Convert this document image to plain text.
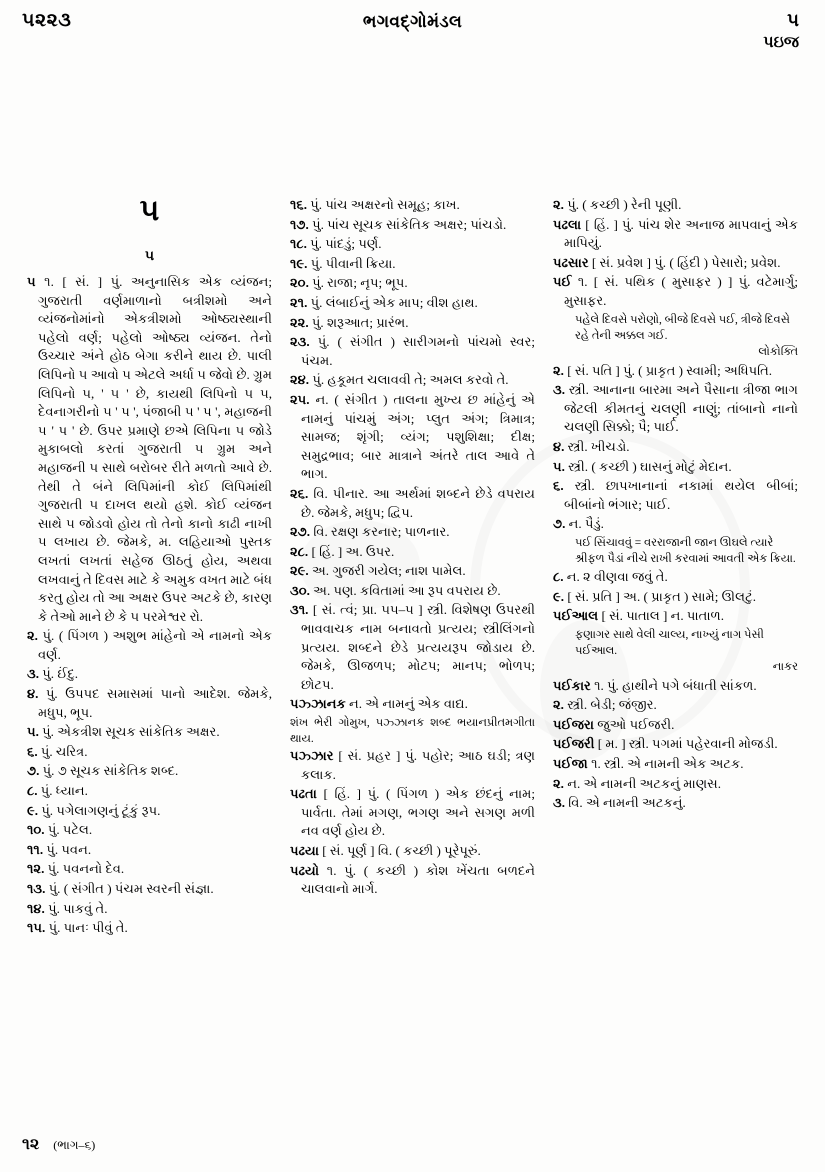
૫૨૨૩	ભગવદ્ગોમંડલ	૫
પઇજ
૫
૫
૫ ૧. [ સં. ] પું. અનુનાસિક એક વ્યંજન; ગુજરાતી વર્ણમાળાનો બત્રીશમો અને વ્યંજનોમાંનો એકત્રીશમો ઓષ્ઠ્યસ્થાની પહેલો વર્ણ; પહેલો ઓષ્ઠ્ય વ્યંજન. તેનો ઉચ્ચાર અંને હોઠ બેગા કરીને થાય છે. પાલી લિપિનો ૫ આવો ૫ એટલે અર્ધા ૫ જેવો છે. ગ્રુમ લિપિનો ૫, ' ૫ ' છે, કાયથી લિપિનો ૫ ૫, દેવનાગરીનો ૫ ' પ ', પંજાબી ૫ ' પ ', મહાજની ૫ ' પ ' છે. ઉપર પ્રમાણે છએ લિપિના ૫ જોડે મુકાબલો કરતાં ગુજરાતી ૫ ગ્રુમ અને મહાજની ૫ સાથે બરોબર રીતે મળતો આવે છે. તેથી તે બંને લિપિમાંની કોઈ લિપિમાંથી ગુજરાતી ૫ દાખલ થયો હશે. કોઈ વ્યંજન સાથે ૫ જોડવો હોય તો તેનો કાનો કાઢી નાખી ૫ લખાય છે. જેમકે, મ. લહિયાઓ પુસ્તક લખતાં લખતાં સહેજ ઊઠતું હોય, અથવા લખવાનું તે દિવસ માટે કે અમુક વખત માટે બંધ કરતુ હોય તો આ અક્ષર ઉપર અટકે છે, કારણ કે તેઓ માને છે કે ૫ પરમેશ્વર રો.
૨. પું. ( પિંગળ ) અશુભ માંહેનો એ નામનો એક વર્ણ.
૩. પું. ઈંદુ.
૪. પું. ઉપપદ સમાસમાં પાનો આદેશ. જેમકે, મધુપ, ભૂપ.
૫. પું. એકત્રીશ સૂચક સાંકેતિક અક્ષર.
૬. પું. ચરિત્ર.
૭. પું. ૭ સૂચક સાંકેતિક શબ્દ.
૮. પું. ધ્યાન.
૯. પું. પગેલાગણનું ટૂંકું રૂપ.
૧૦. પું. પટેલ.
૧૧. પું. પવન.
૧૨. પું. પવનનો દેવ.
૧૩. પું. ( સંગીત ) પંચમ સ્વરની સંજ્ઞા.
૧૪. પું. પાકવું તે.
૧૫. પું. પાનઃ પીવું તે.
૧૬. પું. પાંચ અક્ષરનો સમૂહ; કાખ.
૧૭. પું. પાંચ સૂચક સાંકેતિક અક્ષર; પાંચડો.
૧૮. પું. પાંદડું; પર્ણ.
૧૯. પું. પીવાની ક્રિયા.
૨૦. પું. રાજા; નૃપ; ભૂપ.
૨૧. પું. લંબાઈનું એક માપ; વીશ હાથ.
૨૨. પું. શરૂઆત; પ્રારંભ.
૨૩. પું. ( સંગીત ) સારીગમનો પાંચમો સ્વર; પંચમ.
૨૪. પું. હકૂમત ચલાવવી તે; અમલ કરવો તે.
૨૫. ન. ( સંગીત ) તાલના મુખ્ય છ માંહેનું એ નામનું પાંચમું અંગ; પ્લુત અંગ; ત્રિમાત્ર; સામજ; શૃંગી; વ્યંગ; પશુશિક્ષા; દીક્ષ; સમુદ્રભાવ; બાર માત્રાને અંતરે તાલ આવે તે ભાગ.
૨૬. વિ. પીનાર. આ અર્થમાં શબ્દને છેડે વપરાય છે. જેમકે, મધુપ; દ્વિપ.
૨૭. વિ. રક્ષણ કરનાર; પાળનાર.
૨૮. [ હિં. ] અ. ઉપર.
૨૯. અ. ગુજરી ગયેલ; નાશ પામેલ.
૩૦. અ. પણ. કવિતામાં આ રૂપ વપરાય છે.
૩૧. [ સં. ત્વં; પ્રા. ૫૫–૫ ] સ્ત્રી. વિશેષણ ઉપરથી ભાવવાચક નામ બનાવતો પ્રત્યય; સ્ત્રીલિંગનો પ્રત્યય. શબ્દને છેડે પ્રત્યયરૂપ જોડાય છે. જેમકે, ઊજળપ; મોટપ; માનપ; ભોળપ; છોટપ.
પઝ્ઝાનક ન. એ નામનું એક વાદ્ય.
શંખ ભેરી ગોમુખ, પઝ્ઝાનક શબ્દ ભયાન થાય.
પ્રીતમગીતા
પઝ્ઝાર [ સં. પ્રહર ] પું. પહોર; આઠ ઘડી; ત્રણ કલાક.
પઢતા [ હિં. ] પું. ( પિંગળ ) એક છંદનું નામ; પાર્વતા. તેમાં મગણ, ભગણ અને સગણ મળી નવ વર્ણ હોય છે.
પઢયા [ સં. પૂર્ણ ] વિ. ( કચ્છી ) પૂરેપૂરું.
પઢયો ૧. પું. ( કચ્છી ) કોશ ખેંચતા બળદને ચાલવાનો માર્ગ.
૨. પું. ( કચ્છી ) રેની પૂણી.
પઢલા [ હિં. ] પું. પાંચ શેર અનાજ માપવાનું એક માપિયું.
પઢસાર [ સં. પ્રવેશ ] પું. ( હિંદી ) પેસારો; પ્રવેશ.
પઈ ૧. [ સં. પથિક ( મુસાફર ) ] પું. વટેમાર્ગુ; મુસાફર.
પહેલે દિવસે પરોણો, બીજે દિવસે પઈ, ત્રીજે દિવસે રહે તેની અક્કલ ગઈ.
લોકોક્તિ
૨. [ સં. પતિ ] પું. ( પ્રાકૃત ) સ્વામી; અધિપતિ.
૩. સ્ત્રી. આનાના બારમા અને પૈસાના ત્રીજા ભાગ જેટલી કીમતનું ચલણી નાણું; તાંબાનો નાનો ચલણી સિક્કો; પૈ; પાર્ઈ.
૪. સ્ત્રી. ખીચડો.
૫. સ્ત્રી. ( કચ્છી ) ઘાસનું મોટું મેદાન.
૬. સ્ત્રી. છાપખાનાનાં નકામાં થયેલ બીબાં; બીબાંનો ભંગાર; પાઈ.
૭. ન. પૈડું.
પઈ સિંચાવવું = વરરાજાની જાન ઊઘલે ત્યારે શ્રીફળ પૈડાં નીચે રાખી કરવામાં આવતી એક ક્રિયા.
૮. ન. ૨ વીણવા જવું તે.
૯. [ સં. પ્રતિ ] અ. ( પ્રાકૃત ) સામે; ઊલટું.
પઈઆલ [ સં. પાતાલ ] ન. પાતાળ.
ફણાગર સાથે વેલી ચાલ્ય, નાખ્યું નાગ પેસી પઈઆલ.
નાકર
પઈકાર ૧. પું. હાથીને પગે બંધાતી સાંકળ.
૨. સ્ત્રી. બેડી; જંજીર.
પઈજરા જુઓ પઈજરી.
પઈજરી [ મ. ] સ્ત્રી. પગમાં પહેરવાની મોજડી.
પઈજા ૧. સ્ત્રી. એ નામની એક અટક.
૨. ન. એ નામની અટકનું માણસ.
૩. વિ. એ નામની અટકનું.
૧૨ (ભાગ–૬)
